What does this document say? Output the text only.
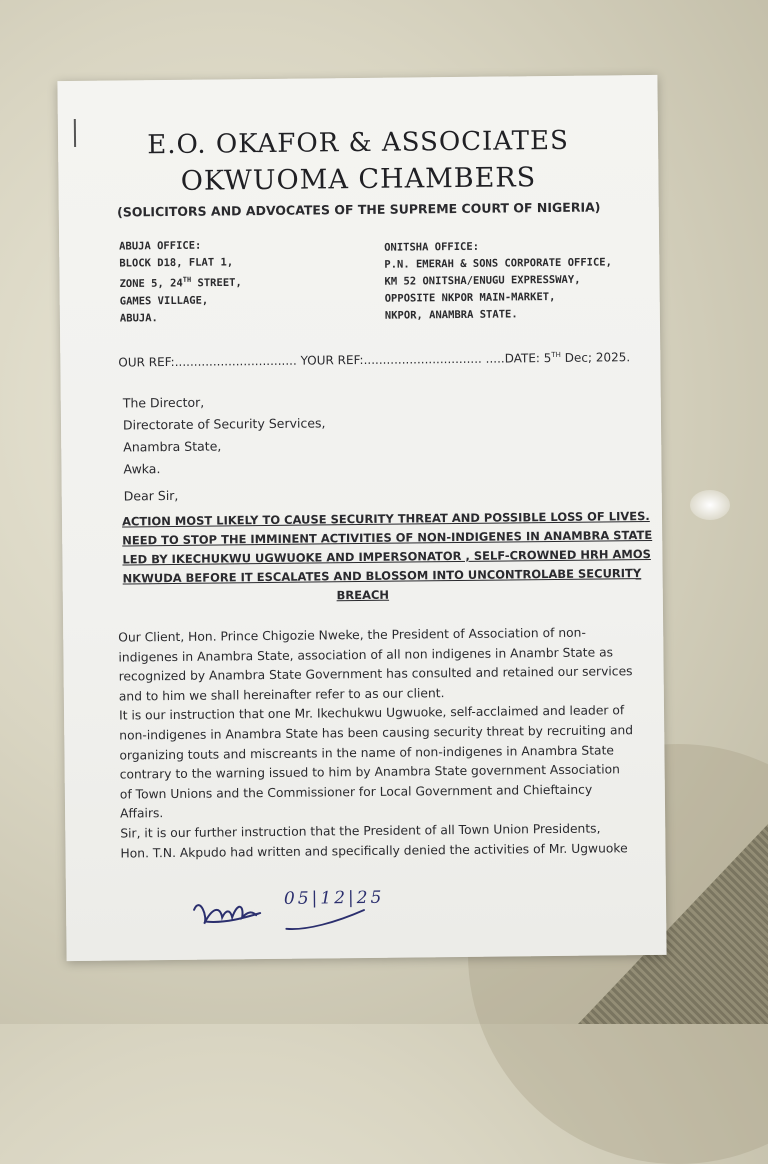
E.O. OKAFOR & ASSOCIATES
OKWUOMA CHAMBERS
(SOLICITORS AND ADVOCATES OF THE SUPREME COURT OF NIGERIA)
ABUJA OFFICE:
BLOCK D18, FLAT 1,
ZONE 5, 24TH STREET,
GAMES VILLAGE,
ABUJA.
ONITSHA OFFICE:
P.N. EMERAH & SONS CORPORATE OFFICE,
KM 52 ONITSHA/ENUGU EXPRESSWAY,
OPPOSITE NKPOR MAIN-MARKET,
NKPOR, ANAMBRA STATE.
OUR REF:................................ YOUR REF:............................... .....DATE: 5TH Dec; 2025.
The Director,
Directorate of Security Services,
Anambra State,
Awka.
Dear Sir,
ACTION MOST LIKELY TO CAUSE SECURITY THREAT AND POSSIBLE LOSS OF LIVES.
NEED TO STOP THE IMMINENT ACTIVITIES OF NON-INDIGENES IN ANAMBRA STATE
LED BY IKECHUKWU UGWUOKE AND IMPERSONATOR , SELF-CROWNED HRH AMOS
NKWUDA BEFORE IT ESCALATES AND BLOSSOM INTO UNCONTROLABE SECURITY
BREACH
Our Client, Hon. Prince Chigozie Nweke, the President of Association of non-
indigenes in Anambra State, association of all non indigenes in Anambr State as
recognized by Anambra State Government has consulted and retained our services
and to him we shall hereinafter refer to as our client.
It is our instruction that one Mr. Ikechukwu Ugwuoke, self-acclaimed and leader of
non-indigenes in Anambra State has been causing security threat by recruiting and
organizing touts and miscreants in the name of non-indigenes in Anambra State
contrary to the warning issued to him by Anambra State government Association
of Town Unions and the Commissioner for Local Government and Chieftaincy
Affairs.
Sir, it is our further instruction that the President of all Town Union Presidents,
Hon. T.N. Akpudo had written and specifically denied the activities of Mr. Ugwuoke
05|12|25
